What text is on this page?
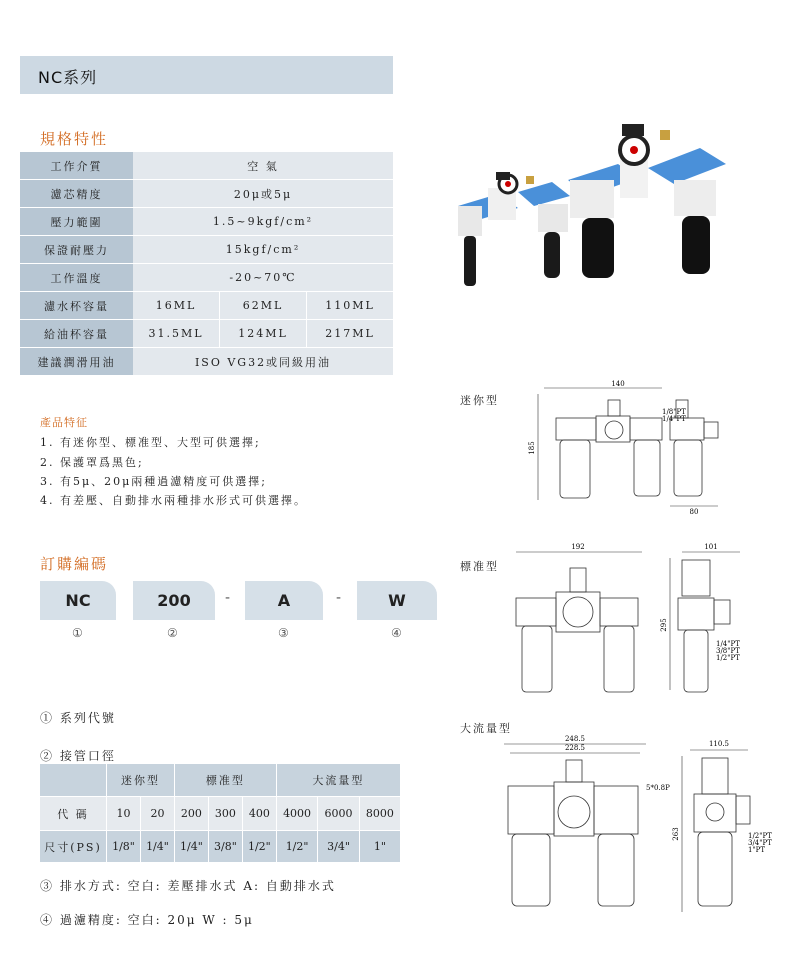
NC系列
規格特性
工作介質	空 氣		
濾芯精度	20μ或5μ		
壓力範圍	1.5~9kgf/cm²		
保證耐壓力	15kgf/cm²		
工作溫度	-20~70℃		
濾水杯容量	16ML	62ML	110ML
給油杯容量	31.5ML	124ML	217ML
建議潤滑用油	ISO VG32或同級用油		
產品特征
1. 有迷你型、標准型、大型可供選擇;
2. 保護罩爲黑色;
3. 有5μ、20μ兩種過濾精度可供選擇;
4. 有差壓、自動排水兩種排水形式可供選擇。
訂購編碼
NC	200	-	A	-	W
①	②	③	④
① 系列代號
② 接管口徑
	迷你型		標准型			大流量型		
代 碼	10	20	200	300	400	4000	6000	8000
尺寸(PS)	1/8"	1/4"	1/4"	3/8"	1/2"	1/2"	3/4"	1"
③ 排水方式: 空白: 差壓排水式 A: 自動排水式
④ 過濾精度: 空白: 20μ W : 5μ
迷你型
140
185
1/8"PT
1/4"PT
80
標准型
192	101
295
1/4"PT
3/8"PT
1/2"PT
大流量型
248.5
228.5
5*0.8P
110.5
263	1/2"PT
3/4"PT
1"PT
